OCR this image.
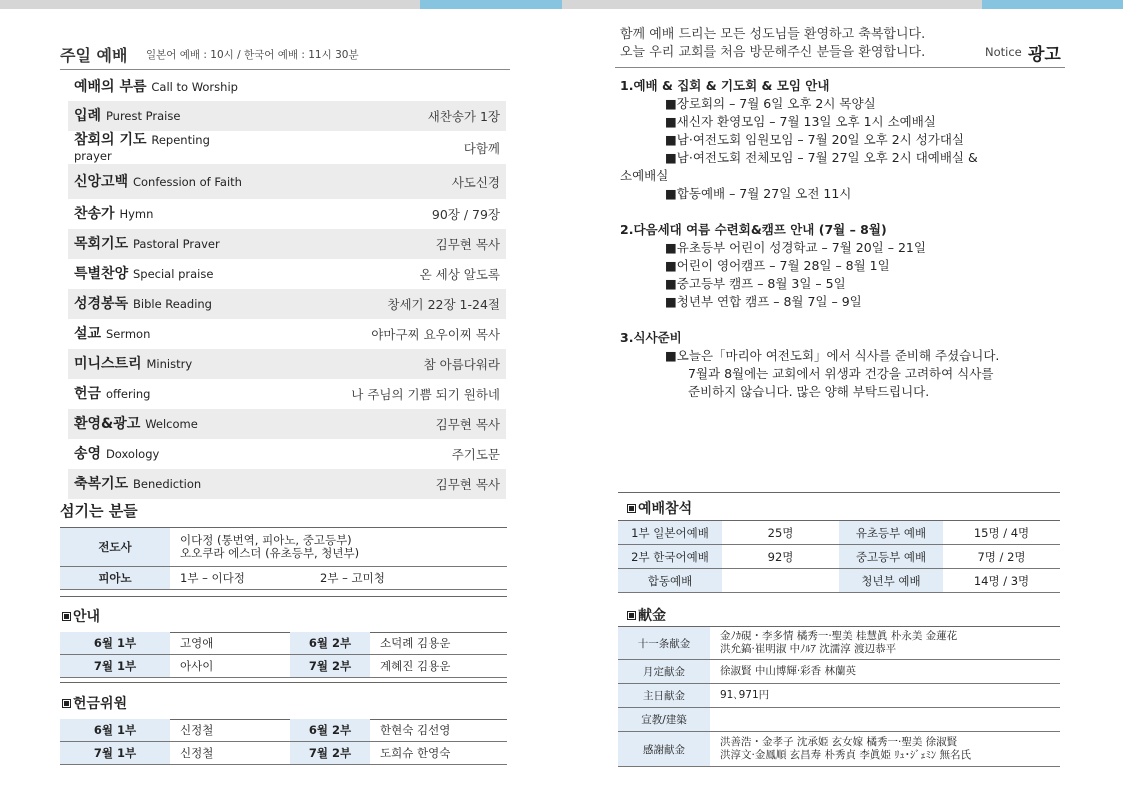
주일 예배 일본어 예배 : 10시 / 한국어 예배 : 11시 30분
예배의 부름 Call to Worship
입례 Purest Praise	새찬송가 1장
참회의 기도 Repenting prayer	다함께
신앙고백 Confession of Faith	사도신경
찬송가 Hymn	90장 / 79장
목회기도 Pastoral Praver	김무현 목사
특별찬양 Special praise	온 세상 알도록
성경봉독 Bible Reading	창세기 22장 1-24절
설교 Sermon	야마구찌 요우이찌 목사
미니스트리 Ministry	참 아름다워라
헌금 offering	나 주님의 기쁨 되기 원하네
환영&광고 Welcome	김무현 목사
송영 Doxology	주기도문
축복기도 Benediction	김무현 목사
섬기는 분들
전도사	이다정 (통번역, 피아노, 중고등부)
오오쿠라 에스더 (유초등부, 청년부)	

피아노	1부 – 이다정	2부 – 고미청
안내
6월 1부	고영애	6월 2부	소덕례 김용운
7월 1부	아사이	7월 2부	계혜진 김용운
헌금위원
6월 1부	신정철	6월 2부	한현숙 김선영
7월 1부	신정철	7월 2부	도희슈 한영숙
함께 예배 드리는 모든 성도님들 환영하고 축복합니다.
오늘 우리 교회를 처음 방문해주신 분들을 환영합니다.	Notice 광고
1.예배 & 집회 & 기도회 & 모임 안내
■장로회의 – 7월 6일 오후 2시 목양실
■새신자 환영모임 – 7월 13일 오후 1시 소예배실
■남·여전도회 임원모임 – 7월 20일 오후 2시 성가대실
■남·여전도회 전체모임 – 7월 27일 오후 2시 대예배실 &
소예배실
■합동예배 – 7월 27일 오전 11시
2.다음세대 여름 수련회&캠프 안내 (7월 – 8월)
■유초등부 어린이 성경학교 – 7월 20일 – 21일
■어린이 영어캠프 – 7월 28일 – 8월 1일
■중고등부 캠프 – 8월 3일 – 5일
■청년부 연합 캠프 – 8월 7일 – 9일
3.식사준비
■오늘은「마리아 여전도회」에서 식사를 준비해 주셨습니다.
7월과 8월에는 교회에서 위생과 건강을 고려하여 식사를
준비하지 않습니다. 많은 양해 부탁드립니다.
예배참석
1부 일본어예배	25명	유초등부 예배	15명 / 4명
2부 한국어예배	92명	중고등부 예배	7명 / 2명
합동예배		청년부 예배	14명 / 3명
献金
十一条献金	金ﾉｶ硯・李多情 橘秀一·聖美 桂慧眞 朴永美 金蓮花
洪允鎬·崔明淑 中ﾉﾙｱ 沈濡淳 渡辺恭平

月定献金	徐淑賢 中山博輝·彩香 林蘭英

主日献金	91､971円

宣教/建築	

感謝献金	洪善浩・金孝子 沈承姫 玄女嫁 橘秀一·聖美 徐淑賢
洪淳文·金鳳順 玄昌寿 朴秀貞 李眞姫 ﾘｭ･ｼﾞｪﾐﾝ 無名氏
